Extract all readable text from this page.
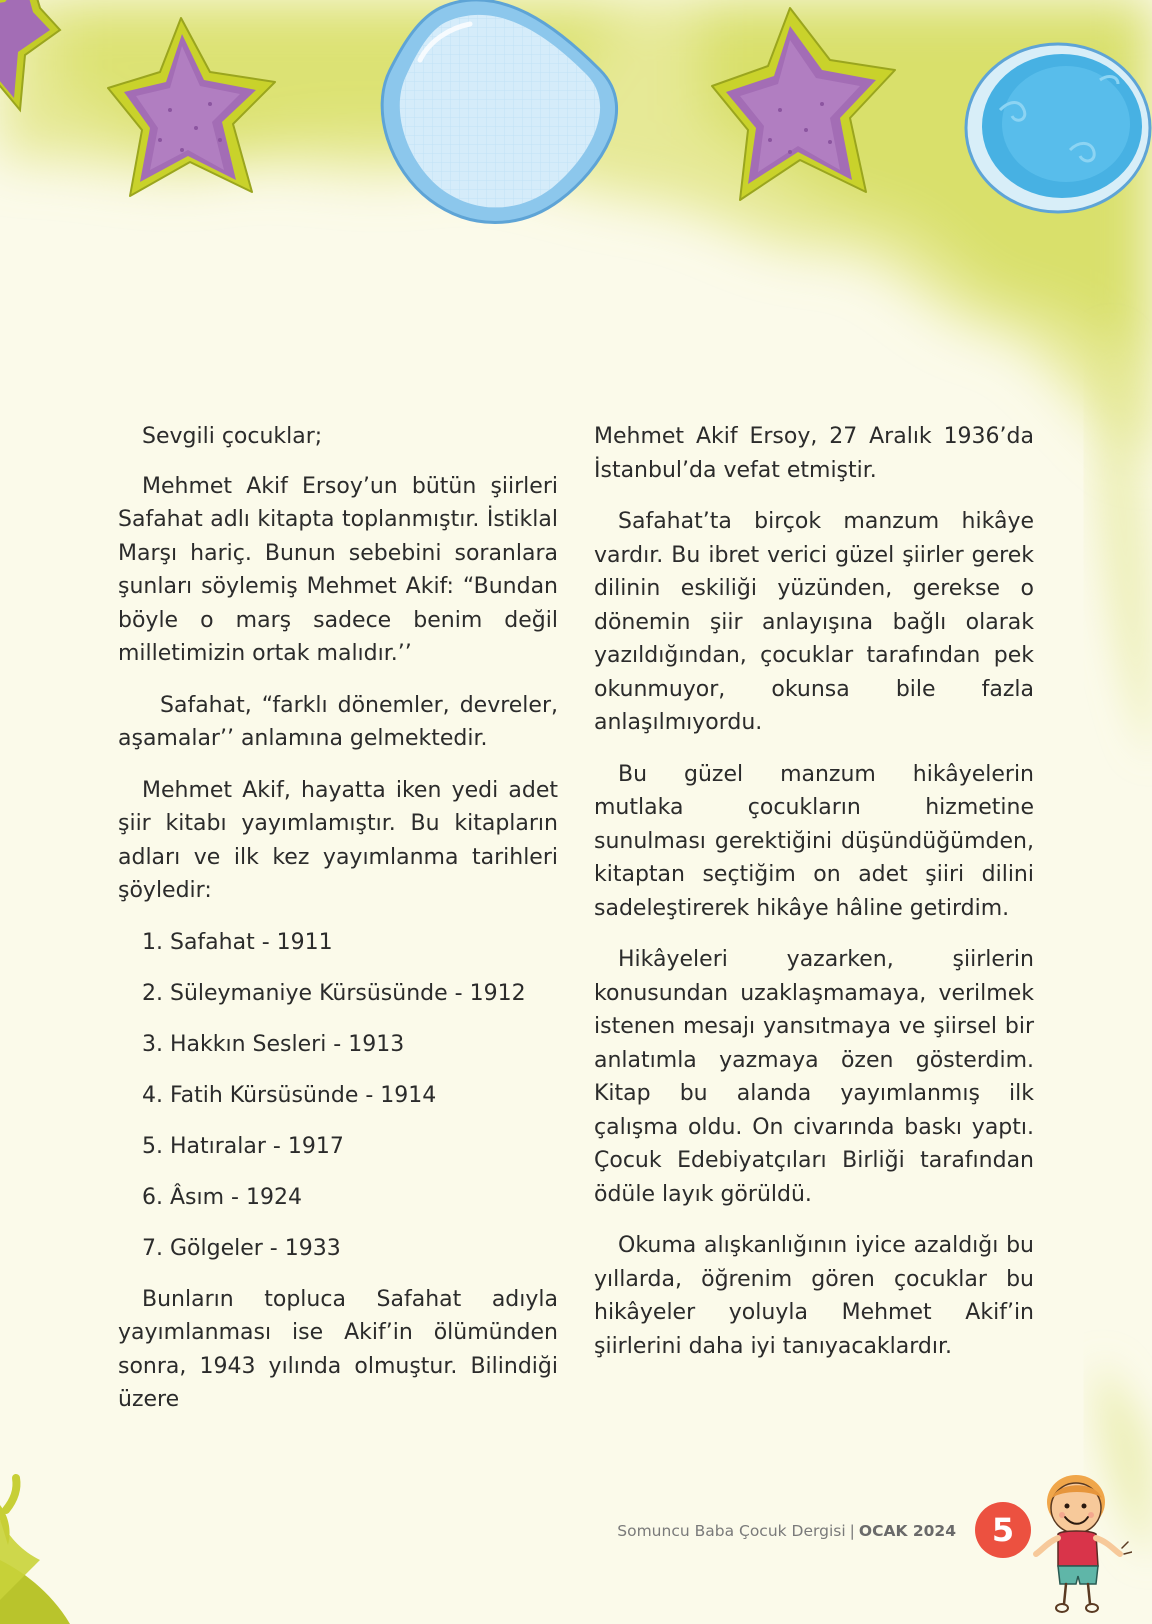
Sevgili çocuklar;

Mehmet Akif Ersoy’un bütün şiirleri Safahat adlı kitapta toplanmıştır. İstiklal Marşı hariç. Bunun sebebini soranlara şunları söylemiş Mehmet Akif: “Bundan böyle o marş sadece benim değil milletimizin ortak malıdır.’’

Safahat, “farklı dönemler, devreler, aşamalar’’ anlamına gelmektedir.

Mehmet Akif, hayatta iken yedi adet şiir kitabı yayımlamıştır. Bu kitapların adları ve ilk kez yayımlanma tarihleri şöyledir:

1. Safahat - 1911
2. Süleymaniye Kürsüsünde - 1912
3. Hakkın Sesleri - 1913
4. Fatih Kürsüsünde - 1914
5. Hatıralar - 1917
6. Âsım - 1924
7. Gölgeler - 1933

Bunların topluca Safahat adıyla yayımlanması ise Akif’in ölümünden sonra, 1943 yılında olmuştur. Bilindiği üzere

Mehmet Akif Ersoy, 27 Aralık 1936’da İstanbul’da vefat etmiştir.

Safahat’ta birçok manzum hikâye vardır. Bu ibret verici güzel şiirler gerek dilinin eskiliği yüzünden, gerekse o dönemin şiir anlayışına bağlı olarak yazıldığından, çocuklar tarafından pek okunmuyor, okunsa bile fazla anlaşılmıyordu.

Bu güzel manzum hikâyelerin mutlaka çocukların hizmetine sunulması gerektiğini düşündüğümden, kitaptan seçtiğim on adet şiiri dilini sadeleştirerek hikâye hâline getirdim.

Hikâyeleri yazarken, şiirlerin konusundan uzaklaşmamaya, verilmek istenen mesajı yansıtmaya ve şiirsel bir anlatımla yazmaya özen gösterdim. Kitap bu alanda yayımlanmış ilk çalışma oldu. On civarında baskı yaptı. Çocuk Edebiyatçıları Birliği tarafından ödüle layık görüldü.

Okuma alışkanlığının iyice azaldığı bu yıllarda, öğrenim gören çocuklar bu hikâyeler yoluyla Mehmet Akif’in şiirlerini daha iyi tanıyacaklardır.

Somuncu Baba Çocuk Dergisi | OCAK 2024	5
